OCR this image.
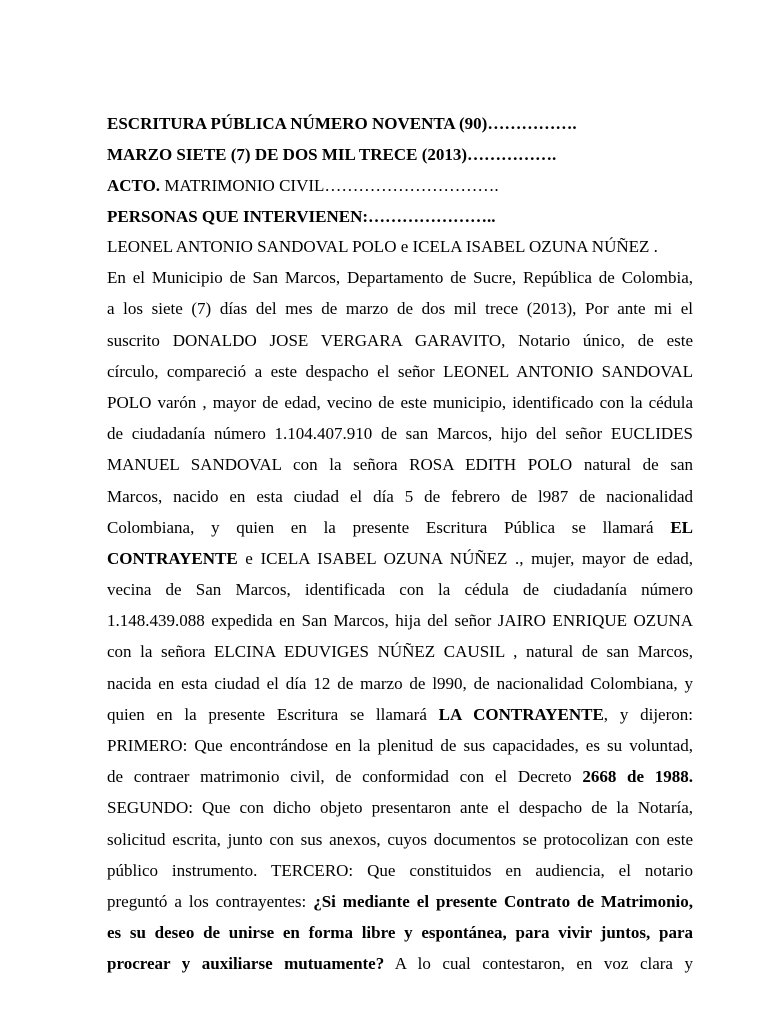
ESCRITURA PÚBLICA NÚMERO NOVENTA (90)…………….
MARZO SIETE (7) DE DOS MIL TRECE (2013)…………….
ACTO. MATRIMONIO CIVIL………………………….
PERSONAS QUE INTERVIENEN:…………………..
LEONEL ANTONIO SANDOVAL POLO e ICELA ISABEL OZUNA NÚÑEZ .
En el Municipio de San Marcos, Departamento de Sucre, República de Colombia,
a los siete (7) días del mes de marzo de dos mil trece (2013), Por ante mi el
suscrito DONALDO JOSE VERGARA GARAVITO, Notario único, de este
círculo, compareció a este despacho el señor LEONEL ANTONIO SANDOVAL
POLO varón , mayor de edad, vecino de este municipio, identificado con la cédula
de ciudadanía número 1.104.407.910 de san Marcos, hijo del señor EUCLIDES
MANUEL SANDOVAL con la señora ROSA EDITH POLO natural de san
Marcos, nacido en esta ciudad el día 5 de febrero de l987 de nacionalidad
Colombiana, y quien en la presente Escritura Pública se llamará EL
CONTRAYENTE e ICELA ISABEL OZUNA NÚÑEZ ., mujer, mayor de edad,
vecina de San Marcos, identificada con la cédula de ciudadanía número
1.148.439.088 expedida en San Marcos, hija del señor JAIRO ENRIQUE OZUNA
con la señora ELCINA EDUVIGES NÚÑEZ CAUSIL , natural de san Marcos,
nacida en esta ciudad el día 12 de marzo de l990, de nacionalidad Colombiana, y
quien en la presente Escritura se llamará LA CONTRAYENTE, y dijeron:
PRIMERO: Que encontrándose en la plenitud de sus capacidades, es su voluntad,
de contraer matrimonio civil, de conformidad con el Decreto 2668 de 1988.
SEGUNDO: Que con dicho objeto presentaron ante el despacho de la Notaría,
solicitud escrita, junto con sus anexos, cuyos documentos se protocolizan con este
público instrumento. TERCERO: Que constituidos en audiencia, el notario
preguntó a los contrayentes: ¿Si mediante el presente Contrato de Matrimonio,
es su deseo de unirse en forma libre y espontánea, para vivir juntos, para
procrear y auxiliarse mutuamente? A lo cual contestaron, en voz clara y
